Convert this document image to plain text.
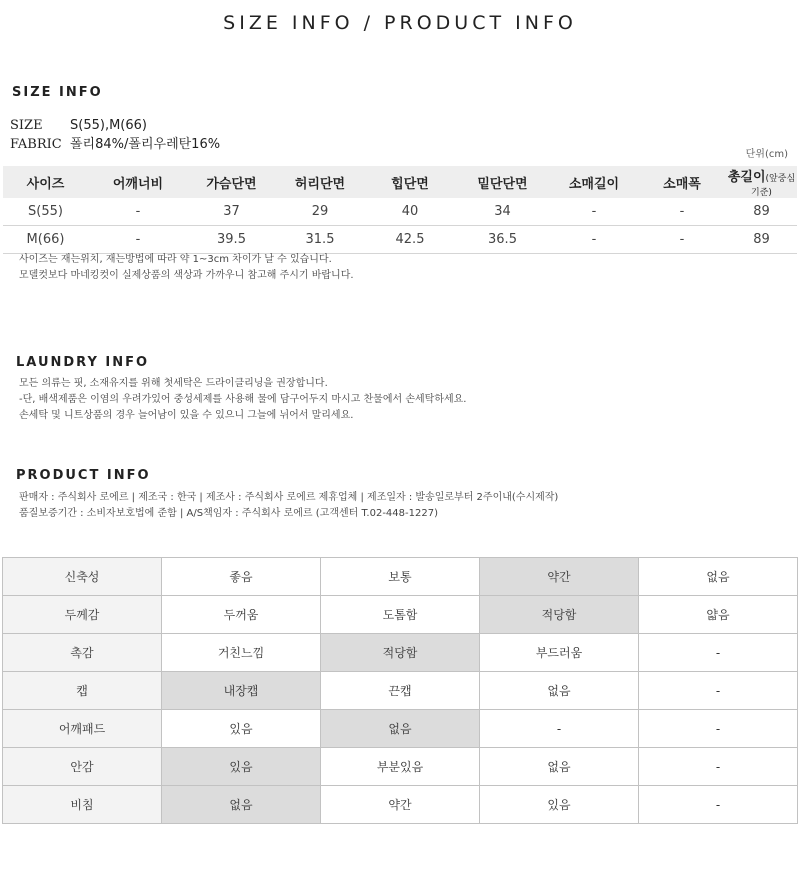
SIZE INFO / PRODUCT INFO
SIZE INFO
SIZE S(55),M(66)
FABRIC 폴리84%/폴리우레탄16%
단위(cm)
사이즈	어깨너비	가슴단면	허리단면	힙단면	밑단단면	소매길이	소매폭	총길이(앞중심기준)
S(55)	-	37	29	40	34	-	-	89
M(66)	-	39.5	31.5	42.5	36.5	-	-	89

사이즈는 재는위치, 재는방법에 따라 약 1~3cm 차이가 날 수 있습니다.

모델컷보다 마네킹컷이 실제상품의 색상과 가까우니 참고해 주시기 바랍니다.

LAUNDRY INFO

모든 의류는 핏, 소재유지를 위해 첫세탁은 드라이클리닝을 권장합니다.

-단, 배색제품은 이염의 우려가있어 중성세제를 사용해 물에 담구어두지 마시고 찬물에서 손세탁하세요.

손세탁 및 니트상품의 경우 늘어남이 있을 수 있으니 그늘에 뉘어서 말리세요.

PRODUCT INFO

판매자 : 주식회사 로에르 | 제조국 : 한국 | 제조사 : 주식회사 로에르 제휴업체 | 제조일자 : 발송일로부터 2주이내(수시제작)

품질보증기간 : 소비자보호법에 준함 | A/S책임자 : 주식회사 로에르 (고객센터 T.02-448-1227)

신축성	좋음	보통	약간	없음
두께감	두꺼움	도톰함	적당함	얇음
촉감	거친느낌	적당함	부드러움	-
캡	내장캡	끈캡	없음	-
어깨패드	있음	없음	-	-
안감	있음	부분있음	없음	-
비침	없음	약간	있음	-
